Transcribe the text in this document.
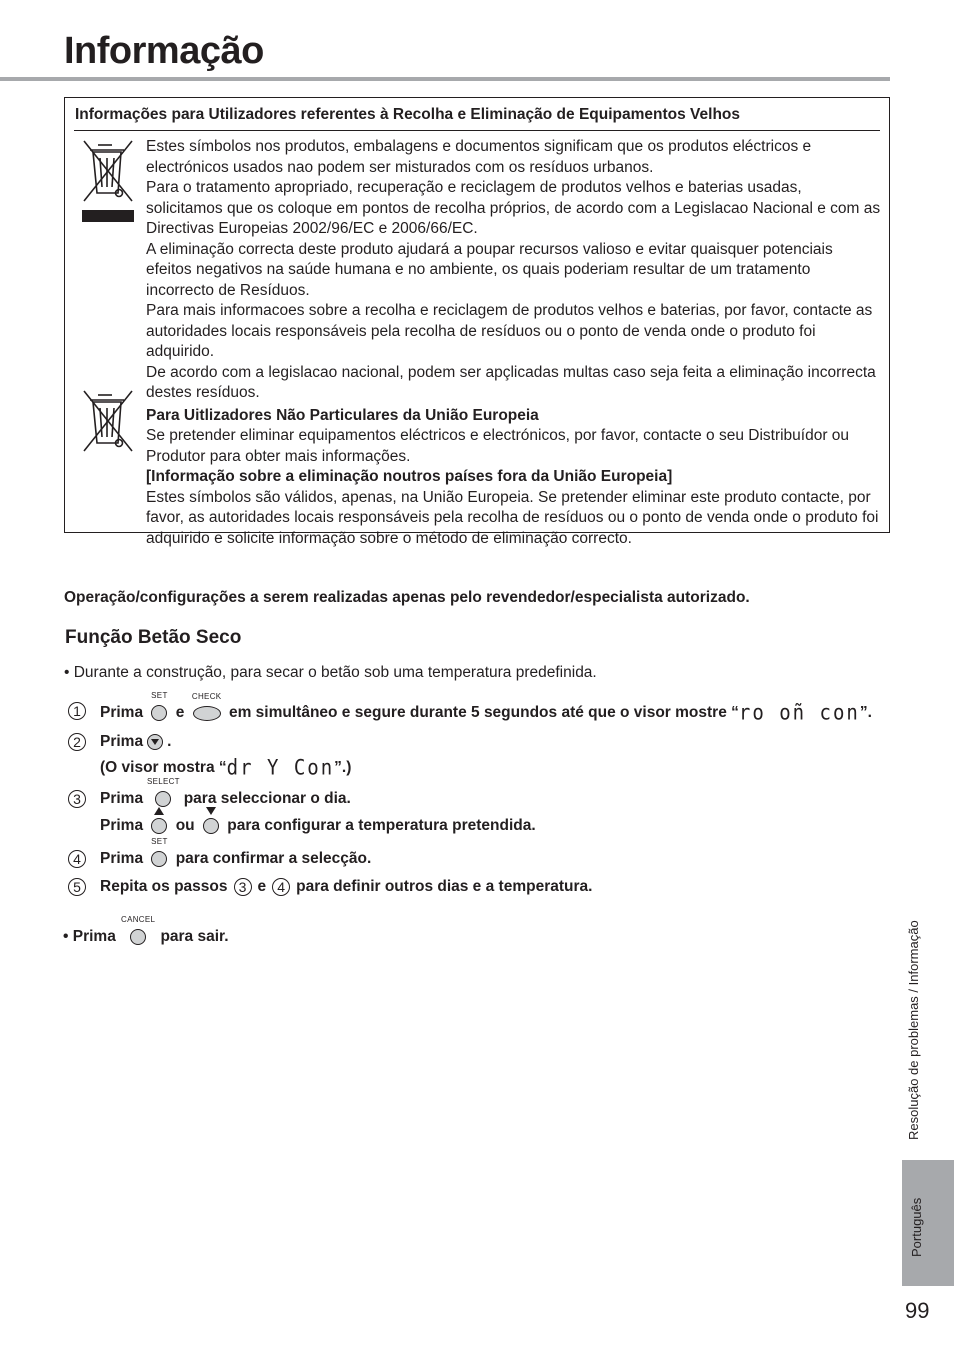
Informação
Informações para Utilizadores referentes à Recolha e Eliminação de Equipamentos Velhos

Estes símbolos nos produtos, embalagens e documentos significam que os produtos eléctricos e electrónicos usados nao podem ser misturados com os resíduos urbanos.

Para o tratamento apropriado, recuperação e reciclagem de produtos velhos e baterias usadas, solicitamos que os coloque em pontos de recolha próprios, de acordo com a Legislacao Nacional e com as Directivas Europeias 2002/96/EC e 2006/66/EC.

A eliminação correcta deste produto ajudará a poupar recursos valioso e evitar quaisquer potenciais efeitos negativos na saúde humana e no ambiente, os quais poderiam resultar de um tratamento incorrecto de Resíduos.

Para mais informacoes sobre a recolha e reciclagem de produtos velhos e baterias, por favor, contacte as autoridades locais responsáveis pela recolha de resíduos ou o ponto de venda onde o produto foi adquirido.

De acordo com a legislacao nacional, podem ser apçlicadas multas caso seja feita a eliminação incorrecta destes resíduos.

Para Uitlizadores Não Particulares da União Europeia

Se pretender eliminar equipamentos eléctricos e electrónicos, por favor, contacte o seu Distribuídor ou Produtor para obter mais informações.

[Informação sobre a eliminação noutros países fora da União Europeia]

Estes símbolos são válidos, apenas, na União Europeia. Se pretender eliminar este produto contacte, por favor, as autoridades locais responsáveis pela recolha de resíduos ou o ponto de venda onde o produto foi adquirido e solicite informação sobre o método de eliminação correcto.

Operação/configurações a serem realizadas apenas pelo revendedor/especialista autorizado.
Função Betão Seco
• Durante a construção, para secar o betão sob uma temperatura predefinida.
1	Prima
SET
e
CHECK
em simultâneo e segure durante 5 segundos até que o visor mostre “ro oñ con”.
2	Prima .
(O visor mostra “dr Y Con”.)
3	Prima
SELECT
para seleccionar o dia.
Prima ou para configurar a temperatura pretendida.
4	Prima
SET
para confirmar a selecção.
5	Repita os passos 3 e 4 para definir outros dias e a temperatura.
• Prima
CANCEL
para sair.	Resolução de problemas / Informação
Português
99
